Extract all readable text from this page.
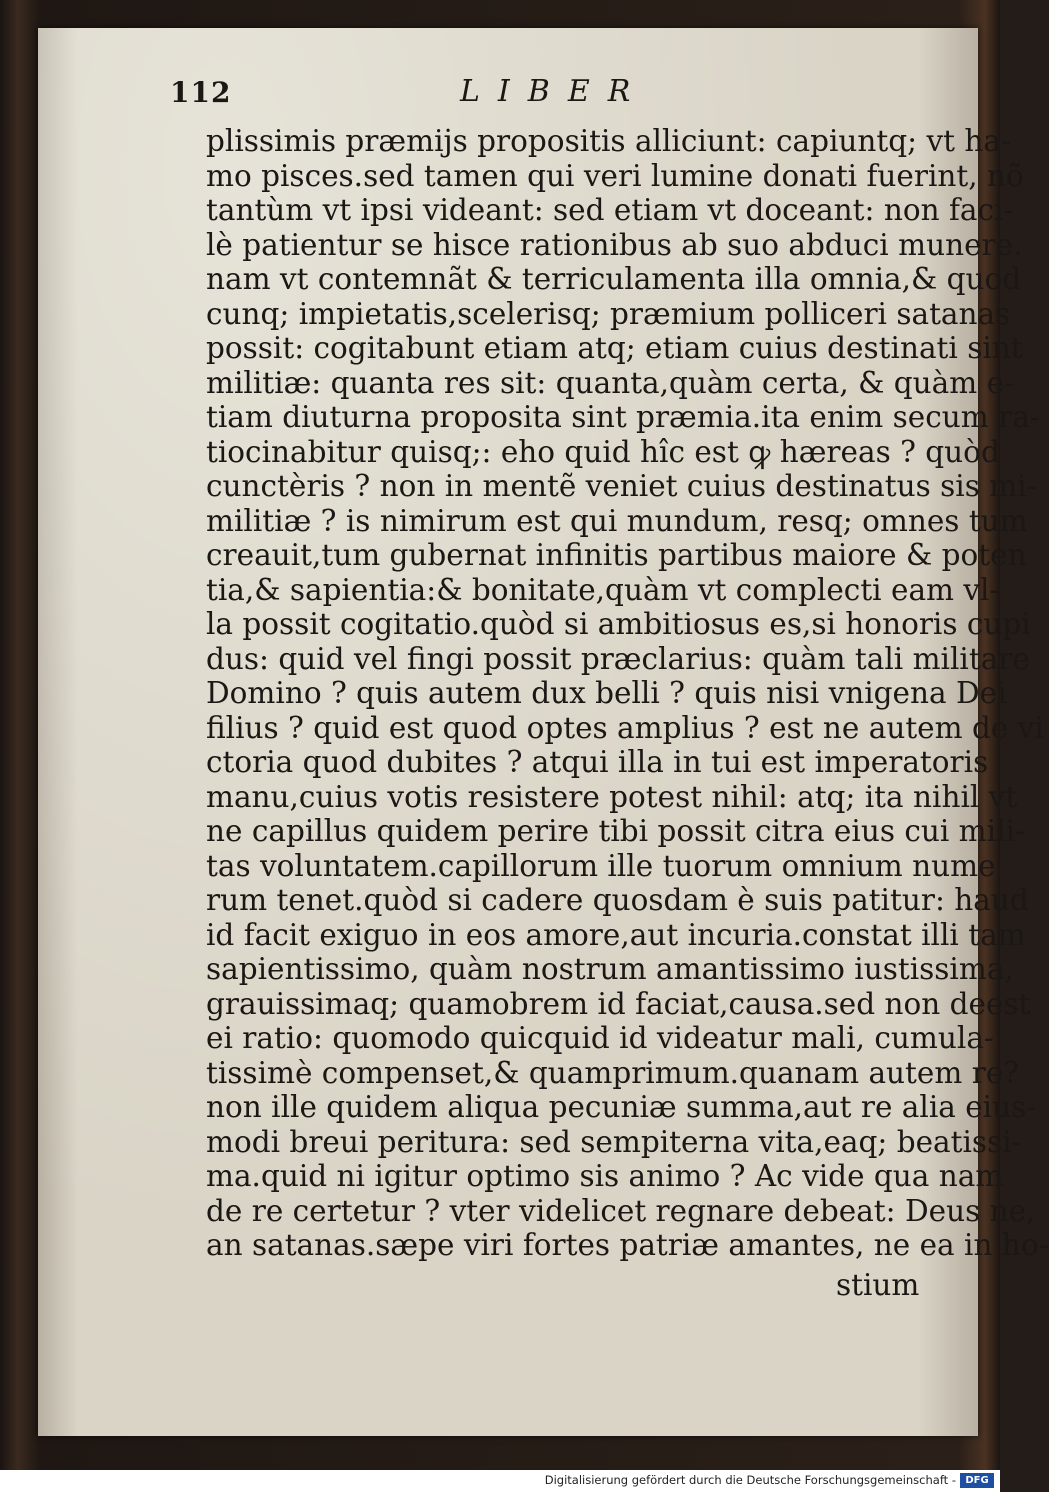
112	LIBER
plissimis præmijs propositis alliciunt: capiuntq; vt ha-
mo pisces.sed tamen qui veri lumine donati fuerint, nõ
tantùm vt ipsi videant: sed etiam vt doceant: non faci-
lè patientur se hisce rationibus ab suo abduci munere.
nam vt contemnãt & terriculamenta illa omnia,& quod
cunq; impietatis,scelerisq; præmium polliceri satanas
possit: cogitabunt etiam atq; etiam cuius destinati sint
militiæ: quanta res sit: quanta,quàm certa, & quàm e-
tiam diuturna proposita sint præmia.ita enim secum ra-
tiocinabitur quisq;: eho quid hîc est ꝙ hæreas ? quòd
cunctèris ? non in mentẽ veniet cuius destinatus sis mi-
militiæ ? is nimirum est qui mundum, resq; omnes tum
creauit,tum gubernat infinitis partibus maiore & poten
tia,& sapientia:& bonitate,quàm vt complecti eam vl-
la possit cogitatio.quòd si ambitiosus es,si honoris cupi
dus: quid vel fingi possit præclarius: quàm tali militare
Domino ? quis autem dux belli ? quis nisi vnigena Dei
filius ? quid est quod optes amplius ? est ne autem de vi
ctoria quod dubites ? atqui illa in tui est imperatoris
manu,cuius votis resistere potest nihil: atq; ita nihil vt
ne capillus quidem perire tibi possit citra eius cui mili-
tas voluntatem.capillorum ille tuorum omnium nume
rum tenet.quòd si cadere quosdam è suis patitur: haud
id facit exiguo in eos amore,aut incuria.constat illi tam
sapientissimo, quàm nostrum amantissimo iustissima,
grauissimaq; quamobrem id faciat,causa.sed non deest
ei ratio: quomodo quicquid id videatur mali, cumula-
tissimè compenset,& quamprimum.quanam autem re?
non ille quidem aliqua pecuniæ summa,aut re alia eius-
modi breui peritura: sed sempiterna vita,eaq; beatissi-
ma.quid ni igitur optimo sis animo ? Ac vide qua nam
de re certetur ? vter videlicet regnare debeat: Deus ne,
an satanas.sæpe viri fortes patriæ amantes, ne ea in ho-
stium
Digitalisierung gefördert durch die Deutsche Forschungsgemeinschaft - DFG
